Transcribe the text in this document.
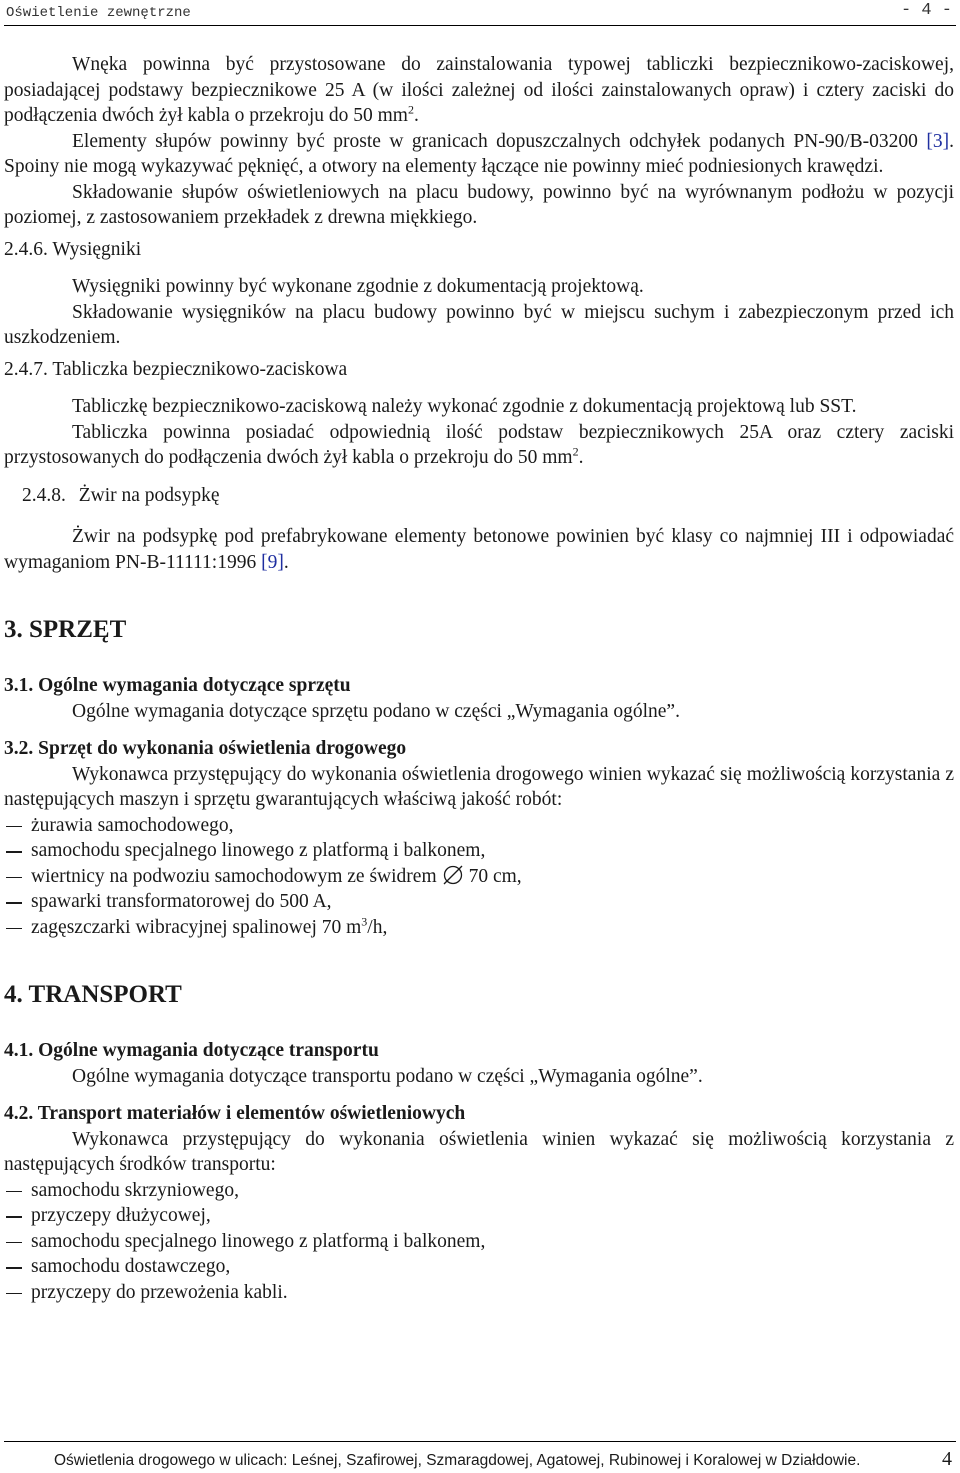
Oświetlenie zewnętrzne	- 4 -

Wnęka powinna być przystosowane do zainstalowania typowej tabliczki bezpiecznikowo-zaciskowej, posiadającej podstawy bezpiecznikowe 25 A (w ilości zależnej od ilości zainstalowanych opraw) i cztery zaciski do podłączenia dwóch żył kabla o przekroju do 50 $mm^2$.

Elementy słupów powinny być proste w granicach dopuszczalnych odchyłek podanych PN-90/B-03200 [3]. Spoiny nie mogą wykazywać pęknięć, a otwory na elementy łączące nie powinny mieć podniesionych krawędzi.

Składowanie słupów oświetleniowych na placu budowy, powinno być na wyrównanym podłożu w pozycji poziomej, z zastosowaniem przekładek z drewna miękkiego.

2.4.6. Wysięgniki

Wysięgniki powinny być wykonane zgodnie z dokumentacją projektową.

Składowanie wysięgników na placu budowy powinno być w miejscu suchym i zabezpieczonym przed ich uszkodzeniem.

2.4.7. Tabliczka bezpiecznikowo-zaciskowa

Tabliczkę bezpiecznikowo-zaciskową należy wykonać zgodnie z dokumentacją projektową lub SST.

Tabliczka powinna posiadać odpowiednią ilość podstaw bezpiecznikowych 25A oraz cztery zaciski przystosowanych do podłączenia dwóch żył kabla o przekroju do 50 $mm^2$.

2.4.8. Żwir na podsypkę

Żwir na podsypkę pod prefabrykowane elementy betonowe powinien być klasy co najmniej III i odpowiadać wymaganiom PN-B-11111:1996 [9].

3. SPRZĘT

3.1. Ogólne wymagania dotyczące sprzętu

Ogólne wymagania dotyczące sprzętu podano w części „Wymagania ogólne”.

3.2. Sprzęt do wykonania oświetlenia drogowego

Wykonawca przystępujący do wykonania oświetlenia drogowego winien wykazać się możliwością korzystania z następujących maszyn i sprzętu gwarantujących właściwą jakość robót:

żurawia samochodowego,
samochodu specjalnego linowego z platformą i balkonem,
wiertnicy na podwoziu samochodowym ze świdrem 70 cm,
spawarki transformatorowej do 500 A,
zagęszczarki wibracyjnej spalinowej 70 $m^3/h$,

4. TRANSPORT

4.1. Ogólne wymagania dotyczące transportu

Ogólne wymagania dotyczące transportu podano w części „Wymagania ogólne”.

4.2. Transport materiałów i elementów oświetleniowych

Wykonawca przystępujący do wykonania oświetlenia winien wykazać się możliwością korzystania z następujących środków transportu:

samochodu skrzyniowego,
przyczepy dłużycowej,
samochodu specjalnego linowego z platformą i balkonem,
samochodu dostawczego,
przyczepy do przewożenia kabli.
Oświetlenia drogowego w ulicach: Leśnej, Szafirowej, Szmaragdowej, Agatowej, Rubinowej i Koralowej w Działdowie.	4
